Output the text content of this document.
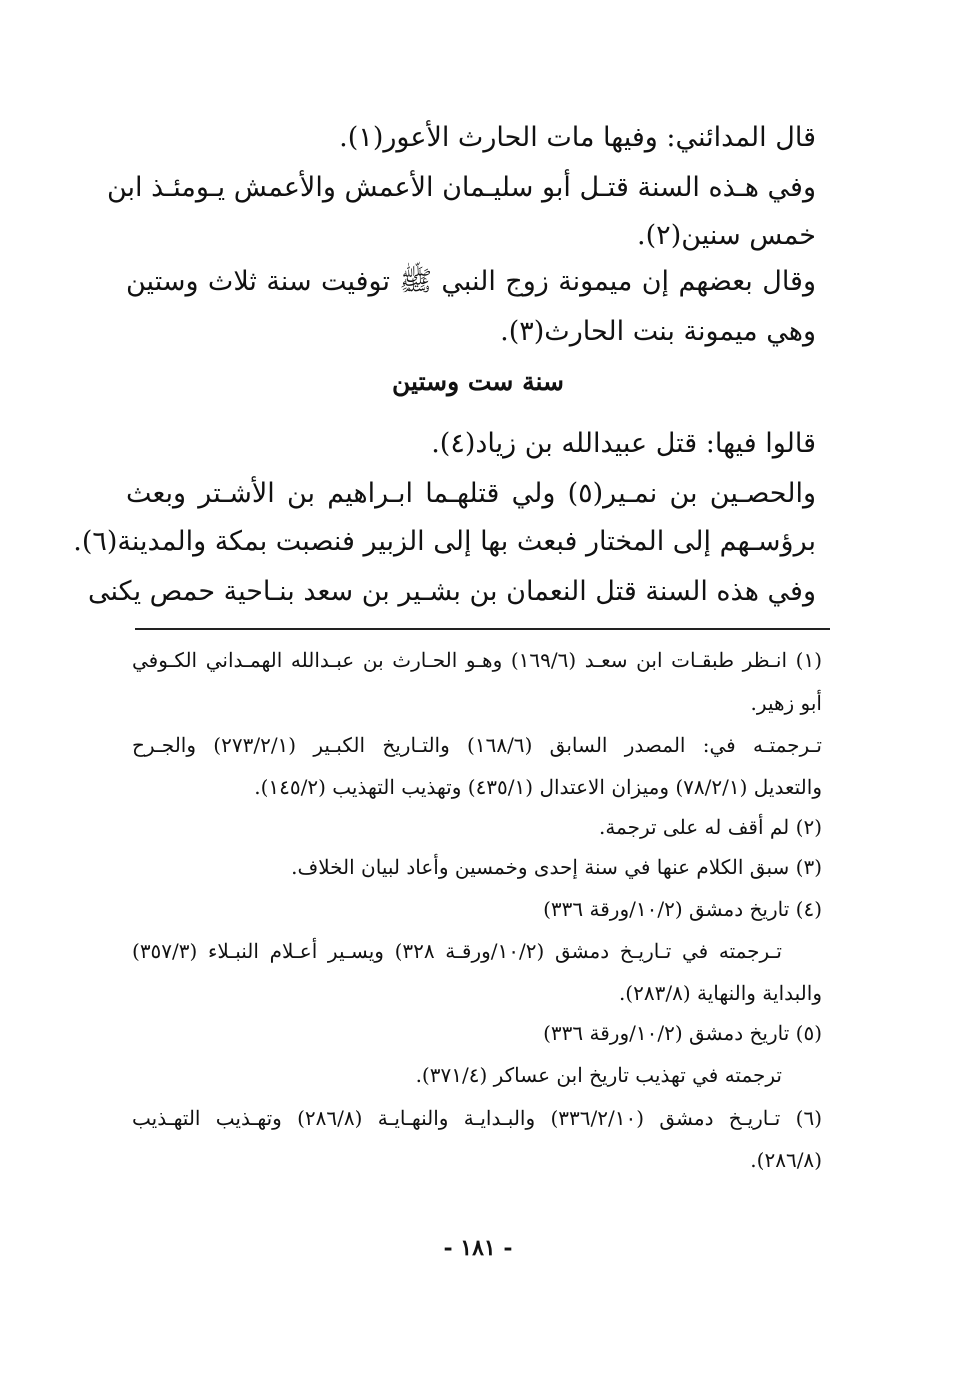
قال المدائني: وفيها مات الحارث الأعور(١).
وفي هـذه السنة قتـل أبو سليـمان الأعمش والأعمش يـومئـذ ابن
خمس سنين(٢).
وقال بعضهم إن ميمونة زوج النبي ﷺ توفيت سنة ثلاث وستين
وهي ميمونة بنت الحارث(٣).
سنة ست وستين
قالوا فيها: قتل عبيدالله بن زياد(٤).
والحصـين بن نمـير(٥) ولي قتلهـما ابـراهيم بن الأشـتر وبعث
برؤسـهم إلى المختار فبعث بها إلى الزبير فنصبت بمكة والمدينة(٦).
وفي هذه السنة قتل النعمان بن بشـير بن سعد بنـاحية حمص يكنى
(١) انـظر طبقـات ابن سعـد (١٦٩/٦) وهـو الحـارث بن عبـدالله الهمـداني الكـوفي
أبو زهير.
تـرجمتـه في: المصدر السابق (١٦٨/٦) والتـاريخ الكبـير (٢٧٣/٢/١) والجـرح
والتعديل (٧٨/٢/١) وميزان الاعتدال (٤٣٥/١) وتهذيب التهذيب (١٤٥/٢).
(٢) لم أقف له على ترجمة.
(٣) سبق الكلام عنها في سنة إحدى وخمسين وأعاد لبيان الخلاف.
(٤) تاريخ دمشق (١٠/٢/ورقة ٣٣٦)
تـرجمته في تـاريـخ دمشق (١٠/٢/ورقـة ٣٢٨) ويسـير أعـلام النبـلاء (٣٥٧/٣)
والبداية والنهاية (٢٨٣/٨).
(٥) تاريخ دمشق (١٠/٢/ورقة ٣٣٦)
ترجمته في تهذيب تاريخ ابن عساكر (٣٧١/٤).
(٦) تـاريـخ دمشق (٣٣٦/٢/١٠) والبـدايـة والنهـايـة (٢٨٦/٨) وتهـذيب التهـذيب
(٢٨٦/٨).
- ١٨١ -
